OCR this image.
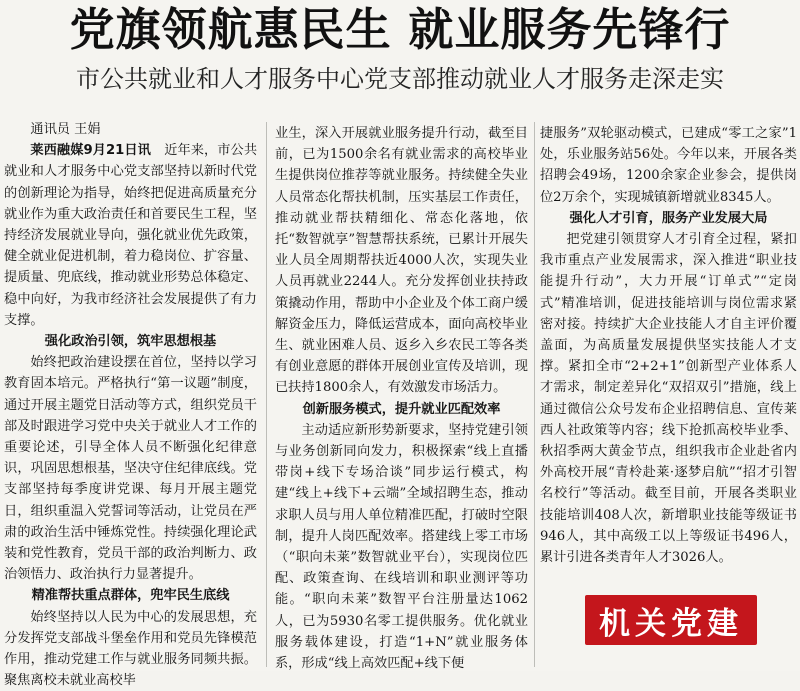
党旗领航惠民生 就业服务先锋行
市公共就业和人才服务中心党支部推动就业人才服务走深走实

通讯员 王娟

莱西融媒9月21日讯  近年来，市公共就业和人才服务中心党支部坚持以新时代党的创新理论为指导，始终把促进高质量充分就业作为重大政治责任和首要民生工程，坚持经济发展就业导向，强化就业优先政策，健全就业促进机制，着力稳岗位、扩容量、提质量、兜底线，推动就业形势总体稳定、稳中向好，为我市经济社会发展提供了有力支撑。

强化政治引领，筑牢思想根基

始终把政治建设摆在首位，坚持以学习教育固本培元。严格执行“第一议题”制度，通过开展主题党日活动等方式，组织党员干部及时跟进学习党中央关于就业人才工作的重要论述，引导全体人员不断强化纪律意识，巩固思想根基，坚决守住纪律底线。党支部坚持每季度讲党课、每月开展主题党日，组织重温入党誓词等活动，让党员在严肃的政治生活中锤炼党性。持续强化理论武装和党性教育，党员干部的政治判断力、政治领悟力、政治执行力显著提升。

精准帮扶重点群体，兜牢民生底线

始终坚持以人民为中心的发展思想，充分发挥党支部战斗堡垒作用和党员先锋模范作用，推动党建工作与就业服务同频共振。聚焦离校未就业高校毕

业生，深入开展就业服务提升行动，截至目前，已为1500余名有就业需求的高校毕业生提供岗位推荐等就业服务。持续健全失业人员常态化帮扶机制，压实基层工作责任，推动就业帮扶精细化、常态化落地，依托“数智就享”智慧帮扶系统，已累计开展失业人员全周期帮扶近4000人次，实现失业人员再就业2244人。充分发挥创业扶持政策撬动作用，帮助中小企业及个体工商户缓解资金压力，降低运营成本，面向高校毕业生、就业困难人员、返乡入乡农民工等各类有创业意愿的群体开展创业宣传及培训，现已扶持1800余人，有效激发市场活力。

创新服务模式，提升就业匹配效率

主动适应新形势新要求，坚持党建引领与业务创新同向发力，积极探索“线上直播带岗+线下专场洽谈”同步运行模式，构建“线上+线下+云端”全域招聘生态，推动求职人员与用人单位精准匹配，打破时空限制，提升人岗匹配效率。搭建线上零工市场（“职向未莱”数智就业平台），实现岗位匹配、政策查询、在线培训和职业测评等功能。“职向未莱”数智平台注册量达1062人，已为5930名零工提供服务。优化就业服务载体建设，打造“1+N”就业服务体系，形成“线上高效匹配+线下便

捷服务”双轮驱动模式，已建成“零工之家”1处，乐业服务站56处。今年以来，开展各类招聘会49场，1200余家企业参会，提供岗位2万余个，实现城镇新增就业8345人。

强化人才引育，服务产业发展大局

把党建引领贯穿人才引育全过程，紧扣我市重点产业发展需求，深入推进“职业技能提升行动”，大力开展“订单式”“定岗式”精准培训，促进技能培训与岗位需求紧密对接。持续扩大企业技能人才自主评价覆盖面，为高质量发展提供坚实技能人才支撑。紧扣全市“2+2+1”创新型产业体系人才需求，制定差异化“双招双引”措施，线上通过微信公众号发布企业招聘信息、宣传莱西人社政策等内容；线下抢抓高校毕业季、秋招季两大黄金节点，组织我市企业赴省内外高校开展“青柃赴莱·逐梦启航”“招才引智名校行”等活动。截至目前，开展各类职业技能培训408人次，新增职业技能等级证书946人，其中高级工以上等级证书496人，累计引进各类青年人才3026人。

机关党建
